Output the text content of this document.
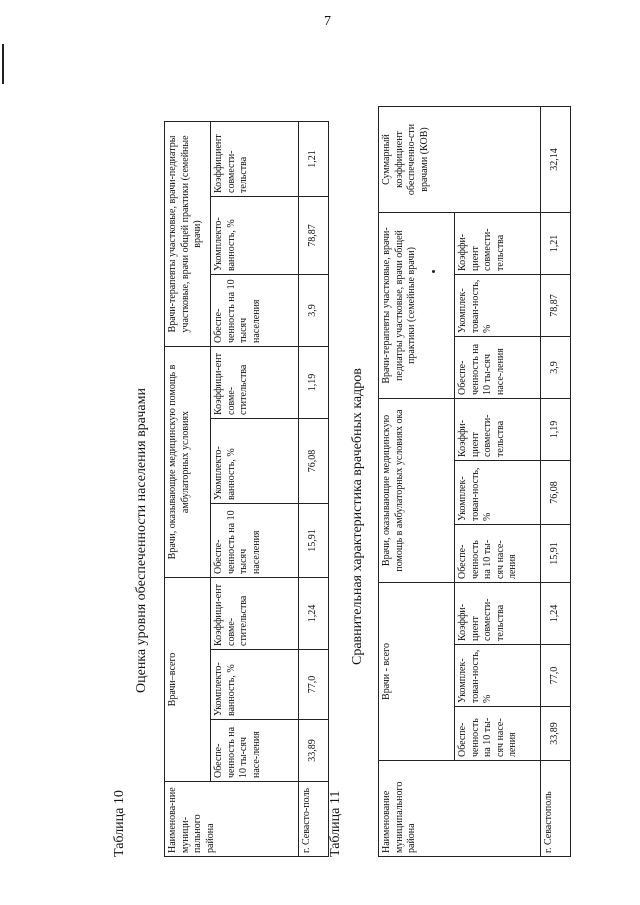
7
Таблица 10
Оценка уровня обеспеченности населения врачами
Наименова-ние муници-пального района	Врачи–всего			Врачи, оказывающие медицинскую помощь в амбулаторных условиях			Врачи-терапевты участковые, врачи-педиатры участковые, врачи общей практики (семейные врачи)		
	Обеспе-ченность на 10 ты-сяч насе-ления	Укомплекто-ванность, %	Коэффици-ент совме-стительства	Обеспе-ченность на 10 тысяч населения	Укомплекто-ванность, %	Коэффици-ент совме-стительства	Обеспе-ченность на 10 тысяч населения	Укомплекто-ванность, %	Коэффициент совмести-тельства
г. Севасто-поль	33,89	77,0	1,24	15,91	76,08	1,19	3,9	78,87	1,21
Таблица 11
Сравнительная характеристика врачебных кадров
Наименование муниципального района	Врачи - всего			Врачи, оказывающие медицинскую помощь в амбулаторных условиях ока			Врачи-терапевты участковые, врачи-педиатры участковые, врачи общей практики (семейные врачи)			Суммарный коэффициент обеспеченно-сти врачами (КОВ)
	Обеспе-ченность на 10 ты-сяч насе-ления	Укомплек-тован-ность, %	Коэффи-циент совмести-тельства	Обеспе-ченность на 10 ты-сяч насе-ления	Укомплек-тован-ность, %	Коэффи-циент совмести-тельства	Обеспе-ченность на 10 ты-сяч насе-ления	Укомплек-тован-ность, %	Коэффи-циент совмести-тельства	
г. Севастополь	33,89	77,0	1,24	15,91	76,08	1,19	3,9	78,87	1,21	32,14
